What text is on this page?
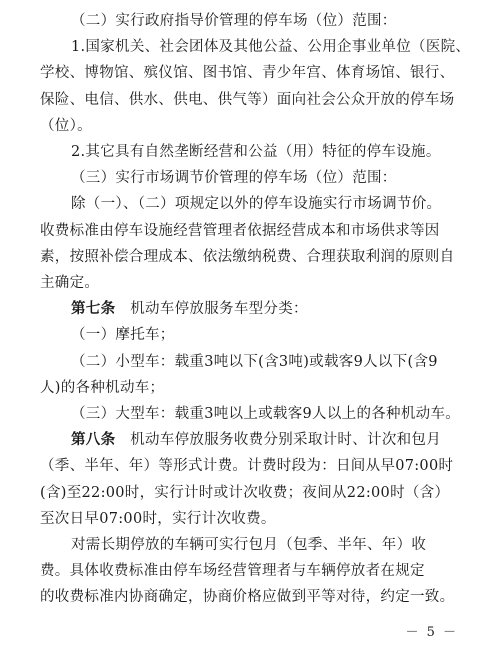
（二）实行政府指导价管理的停车场（位）范围：
1.国家机关、社会团体及其他公益、公用企事业单位（医院、
学校、博物馆、殡仪馆、图书馆、青少年宫、体育场馆、银行、
保险、电信、供水、供电、供气等）面向社会公众开放的停车场
（位）。
2.其它具有自然垄断经营和公益（用）特征的停车设施。
（三）实行市场调节价管理的停车场（位）范围：
除（一）、（二）项规定以外的停车设施实行市场调节价。
收费标准由停车设施经营管理者依据经营成本和市场供求等因
素，按照补偿合理成本、依法缴纳税费、合理获取利润的原则自
主确定。
第七条  机动车停放服务车型分类：
（一）摩托车；
（二）小型车：载重3吨以下(含3吨)或载客9人以下(含9
人)的各种机动车；
（三）大型车：载重3吨以上或载客9人以上的各种机动车。
第八条  机动车停放服务收费分别采取计时、计次和包月
（季、半年、年）等形式计费。计费时段为：日间从早07:00时
(含)至22:00时，实行计时或计次收费；夜间从22:00时（含）
至次日早07:00时，实行计次收费。
对需长期停放的车辆可实行包月（包季、半年、年）收
费。具体收费标准由停车场经营管理者与车辆停放者在规定
的收费标准内协商确定，协商价格应做到平等对待，约定一致。
－ 5 －
